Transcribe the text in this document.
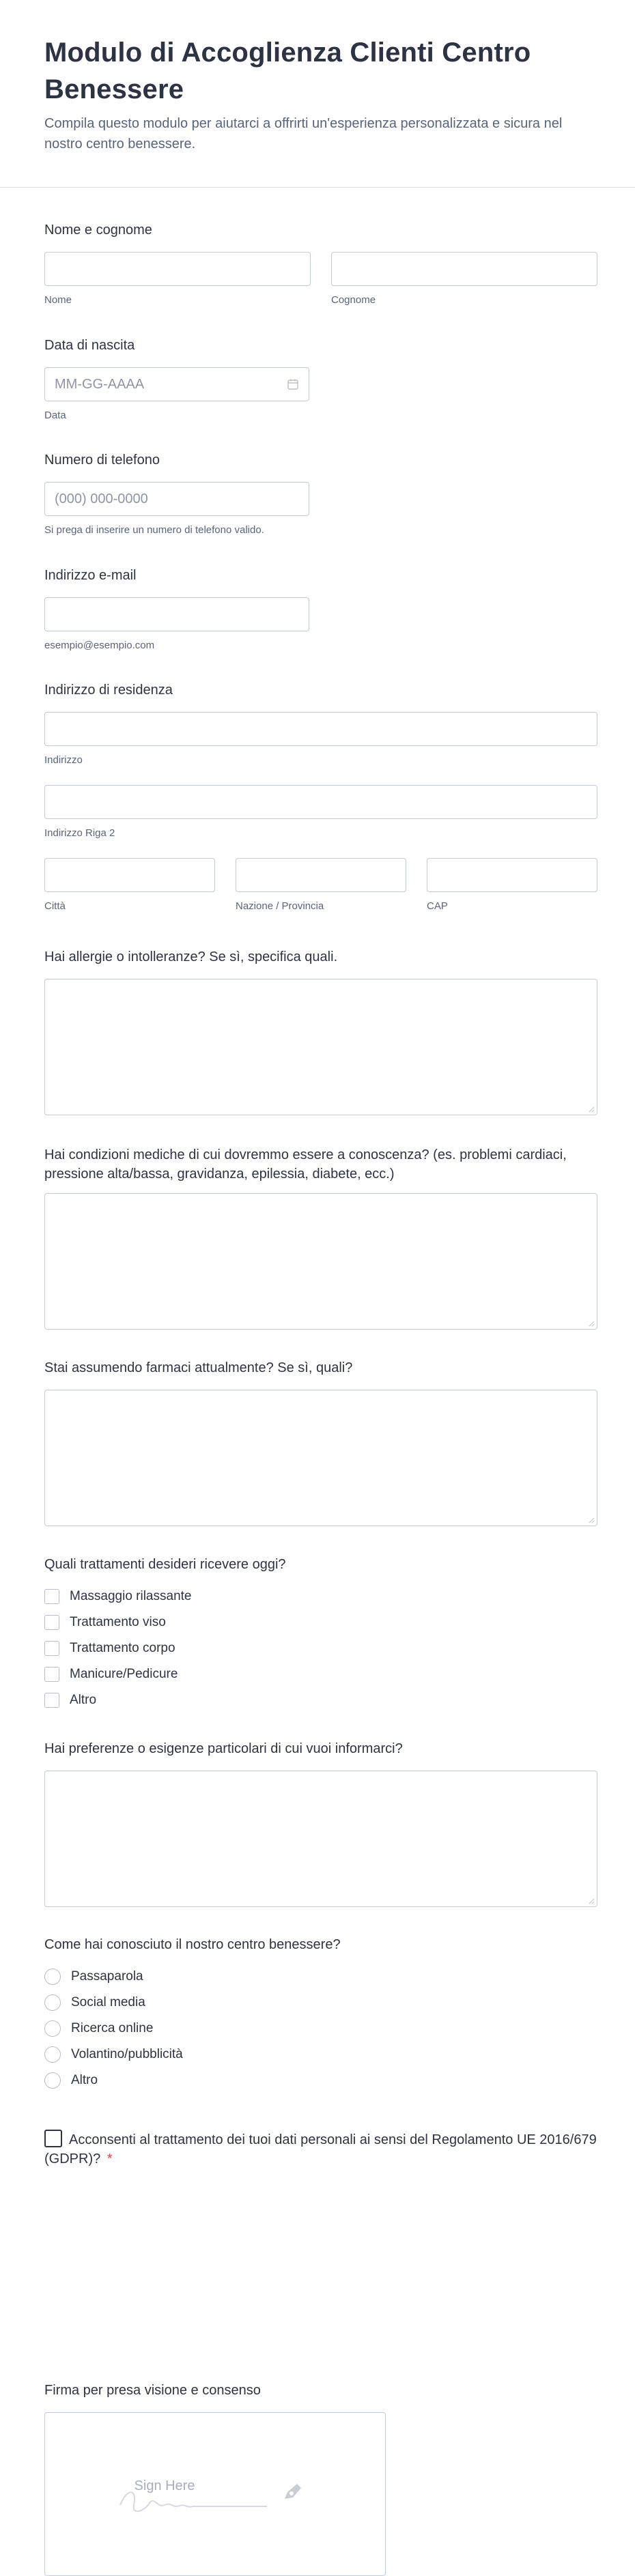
Modulo di Accoglienza Clienti Centro Benessere

Compila questo modulo per aiutarci a offrirti un'esperienza personalizzata e sicura nel nostro centro benessere.

Nome e cognome
Nome	Cognome
Data di nascita
MM-GG-AAAA
Data
Numero di telefono
(000) 000-0000
Si prega di inserire un numero di telefono valido.
Indirizzo e-mail
esempio@esempio.com
Indirizzo di residenza
Indirizzo
Indirizzo Riga 2
Città	Nazione / Provincia	CAP
Hai allergie o intolleranze? Se sì, specifica quali.
Hai condizioni mediche di cui dovremmo essere a conoscenza? (es. problemi cardiaci, pressione alta/bassa, gravidanza, epilessia, diabete, ecc.)
Stai assumendo farmaci attualmente? Se sì, quali?
Quali trattamenti desideri ricevere oggi?
Massaggio rilassante
Trattamento viso
Trattamento corpo
Manicure/Pedicure
Altro
Hai preferenze o esigenze particolari di cui vuoi informarci?
Come hai conosciuto il nostro centro benessere?
Passaparola
Social media
Ricerca online
Volantino/pubblicità
Altro
Acconsenti al trattamento dei tuoi dati personali ai sensi del Regolamento UE 2016/679 (GDPR)? *
Firma per presa visione e consenso
Sign Here
